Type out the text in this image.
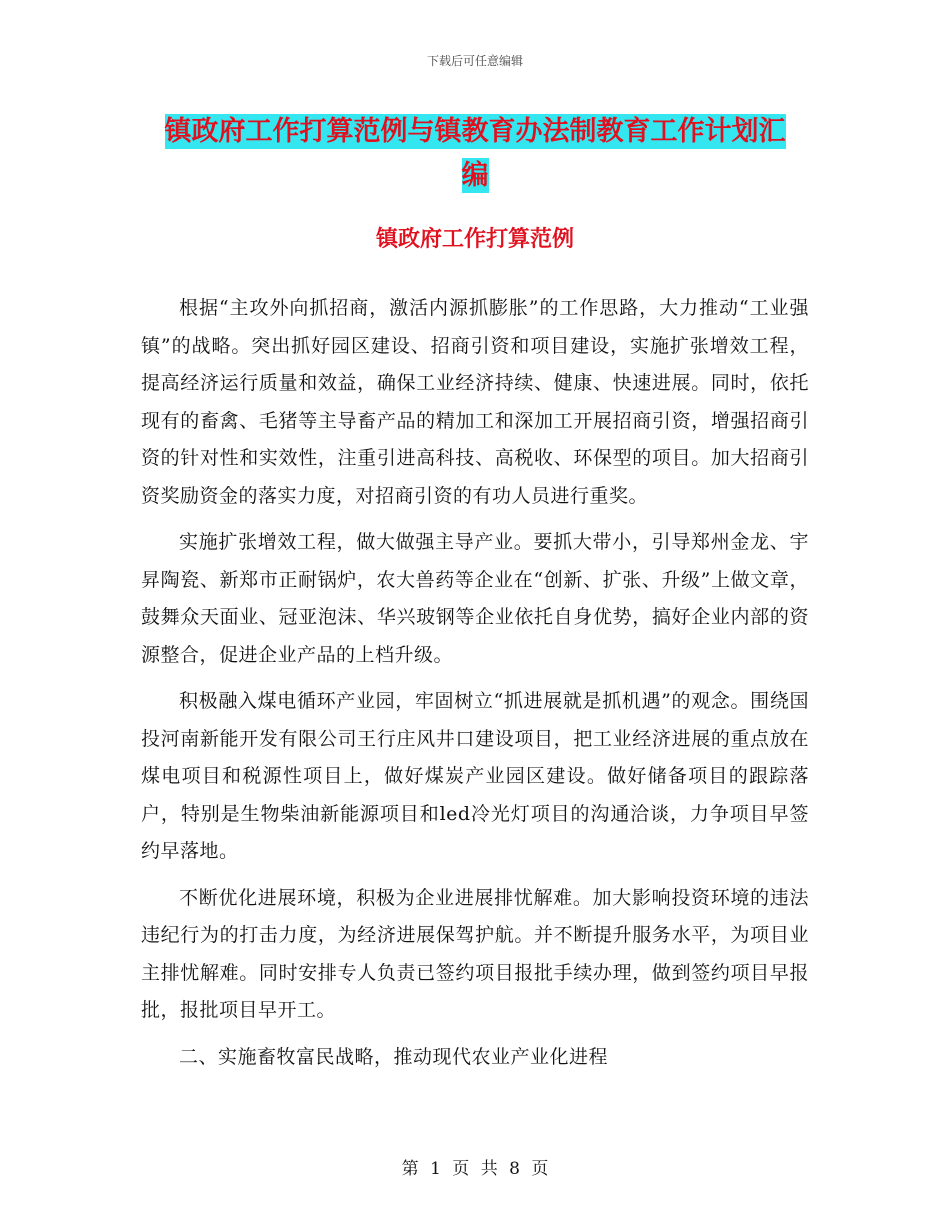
下载后可任意编辑
镇政府工作打算范例与镇教育办法制教育工作计划汇
编
镇政府工作打算范例

根据“主攻外向抓招商，激活内源抓膨胀”的工作思路，大力推动“工业强镇”的战略。突出抓好园区建设、招商引资和项目建设，实施扩张增效工程，提高经济运行质量和效益，确保工业经济持续、健康、快速进展。同时，依托现有的畜禽、毛猪等主导畜产品的精加工和深加工开展招商引资，增强招商引资的针对性和实效性，注重引进高科技、高税收、环保型的项目。加大招商引资奖励资金的落实力度，对招商引资的有功人员进行重奖。

实施扩张增效工程，做大做强主导产业。要抓大带小，引导郑州金龙、宇昇陶瓷、新郑市正耐锅炉，农大兽药等企业在“创新、扩张、升级”上做文章，鼓舞众天面业、冠亚泡沫、华兴玻钢等企业依托自身优势，搞好企业内部的资源整合，促进企业产品的上档升级。

积极融入煤电循环产业园，牢固树立“抓进展就是抓机遇”的观念。围绕国投河南新能开发有限公司王行庄风井口建设项目，把工业经济进展的重点放在煤电项目和税源性项目上，做好煤炭产业园区建设。做好储备项目的跟踪落户，特别是生物柴油新能源项目和led冷光灯项目的沟通洽谈，力争项目早签约早落地。

不断优化进展环境，积极为企业进展排忧解难。加大影响投资环境的违法违纪行为的打击力度，为经济进展保驾护航。并不断提升服务水平，为项目业主排忧解难。同时安排专人负责已签约项目报批手续办理，做到签约项目早报批，报批项目早开工。

二、实施畜牧富民战略，推动现代农业产业化进程

第 1 页 共 8 页
